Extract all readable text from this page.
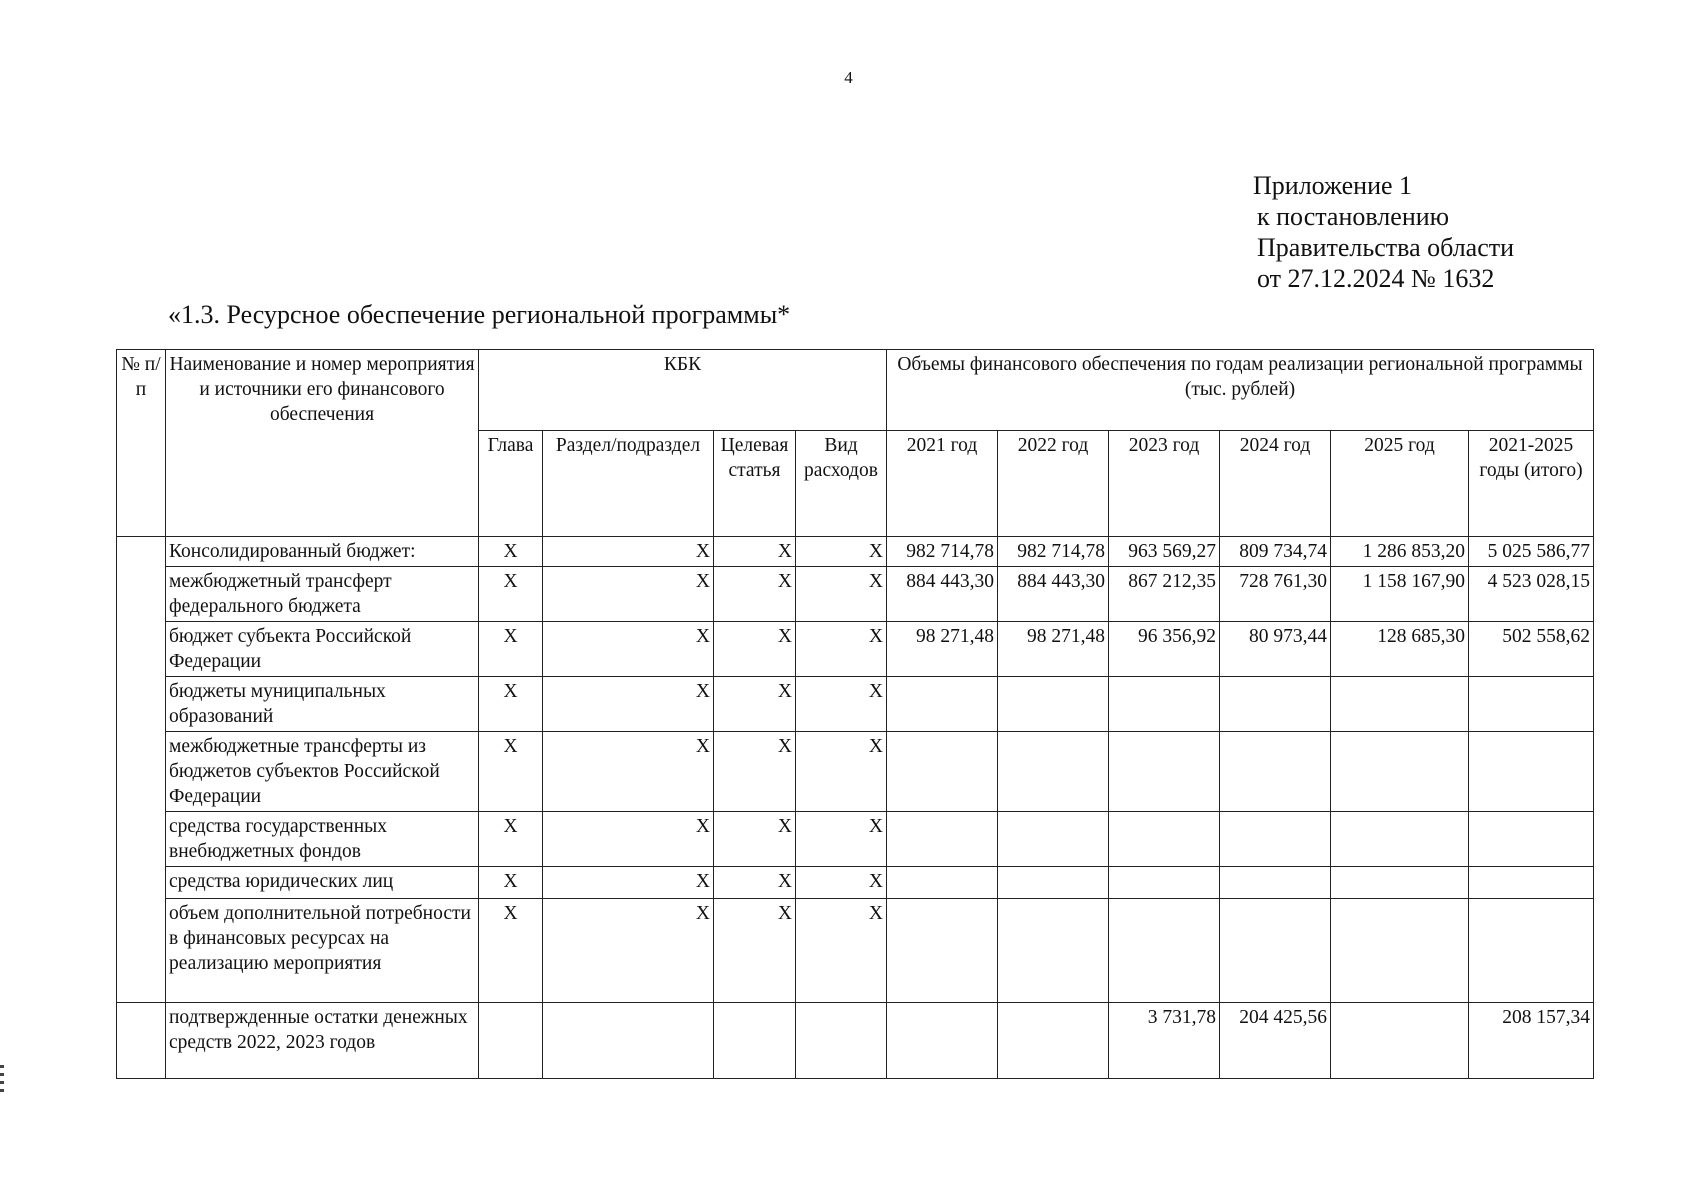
4
Приложение 1
к постановлению
Правительства области
от 27.12.2024 № 1632
«1.3. Ресурсное обеспечение региональной программы*
№ п/п	Наименование и номер мероприятия и источники его финансового обеспечения	КБК				Объемы финансового обеспечения по годам реализации региональной программы (тыс. рублей)					
		Глава	Раздел/подраздел	Целевая статья	Вид расходов	2021 год	2022 год	2023 год	2024 год	2025 год	2021-2025 годы (итого)
	Консолидированный бюджет:	X	X	X	X	982 714,78	982 714,78	963 569,27	809 734,74	1 286 853,20	5 025 586,77
	межбюджетный трансферт федерального бюджета	X	X	X	X	884 443,30	884 443,30	867 212,35	728 761,30	1 158 167,90	4 523 028,15
	бюджет субъекта Российской Федерации	X	X	X	X	98 271,48	98 271,48	96 356,92	80 973,44	128 685,30	502 558,62
	бюджеты муниципальных образований	X	X	X	X						
	межбюджетные трансферты из бюджетов субъектов Российской Федерации	X	X	X	X						
	средства государственных внебюджетных фондов	X	X	X	X						
	средства юридических лиц	X	X	X	X						
	объем дополнительной потребности в финансовых ресурсах на реализацию мероприятия	X	X	X	X						
	подтвержденные остатки денежных средств 2022, 2023 годов							3 731,78	204 425,56		208 157,34
